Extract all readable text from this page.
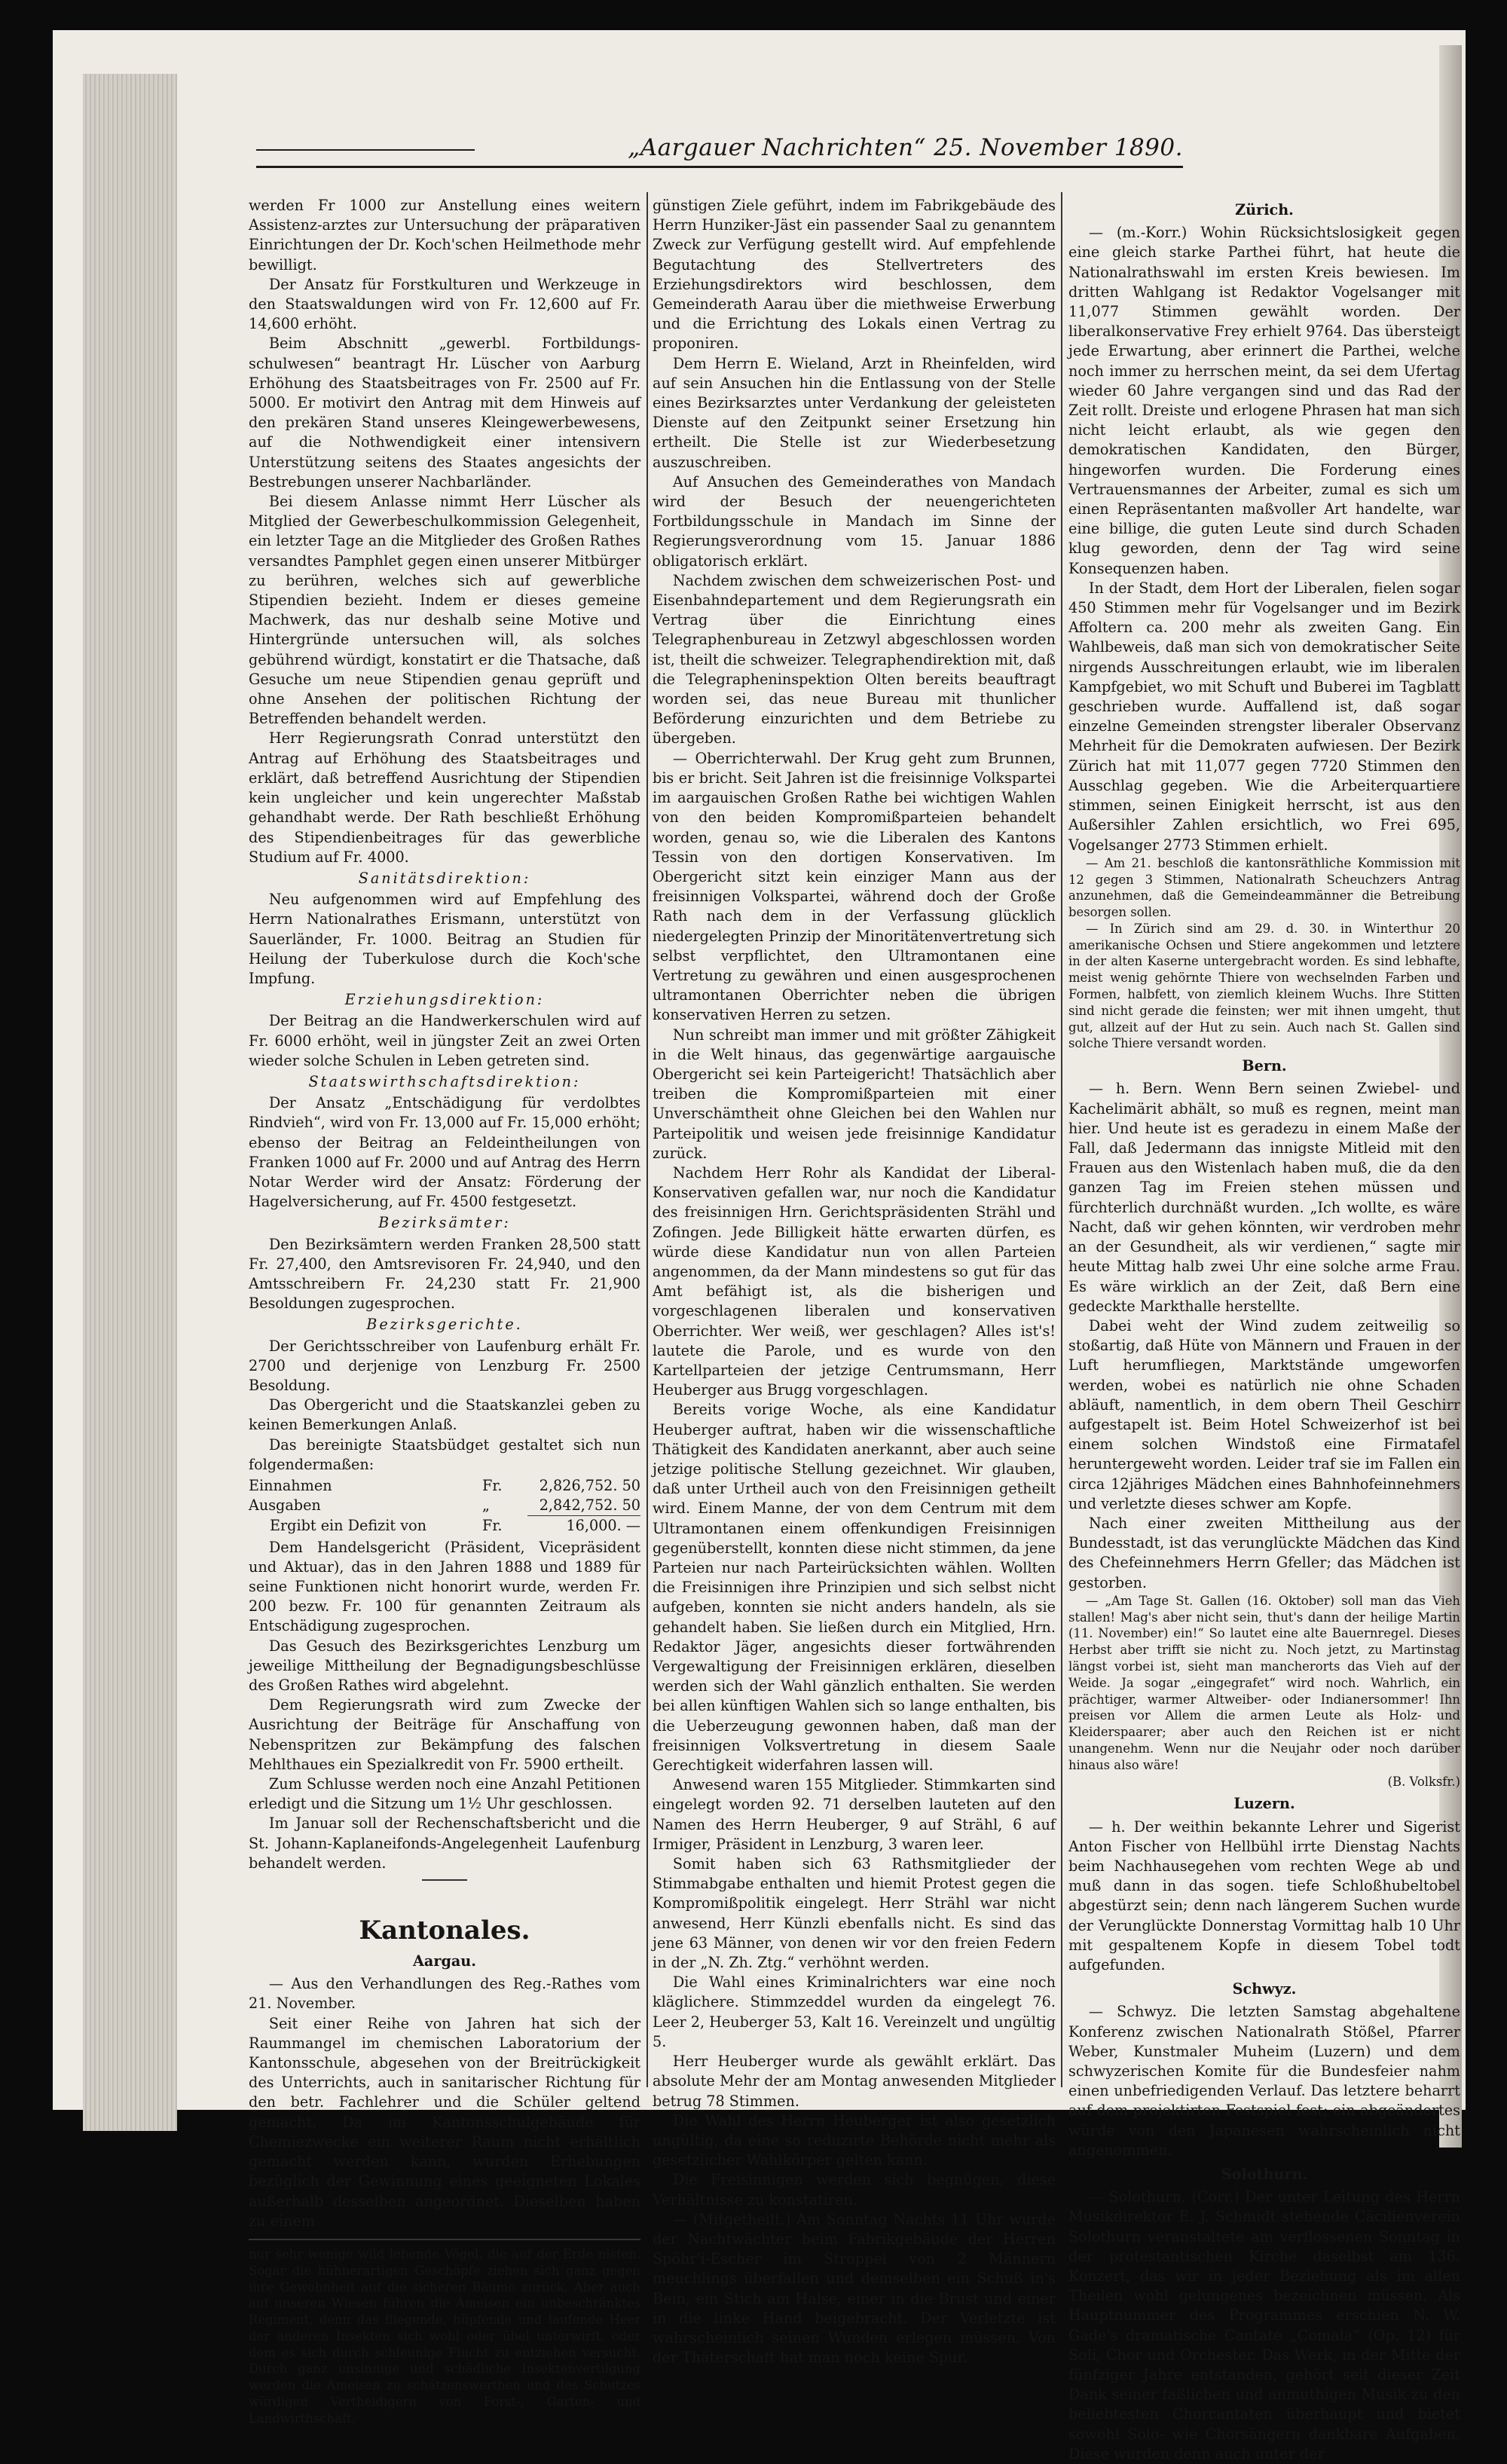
„Aargauer Nachrichten“ 25. November 1890.

werden Fr 1000 zur Anstellung eines weitern Assistenz-arztes zur Untersuchung der präparativen Einrichtungen der Dr. Koch'schen Heilmethode mehr bewilligt.

Der Ansatz für Forstkulturen und Werkzeuge in den Staatswaldungen wird von Fr. 12,600 auf Fr. 14,600 erhöht.

Beim Abschnitt „gewerbl. Fortbildungs-schulwesen“ beantragt Hr. Lüscher von Aarburg Erhöhung des Staatsbeitrages von Fr. 2500 auf Fr. 5000. Er motivirt den Antrag mit dem Hinweis auf den prekären Stand unseres Kleingewerbewesens, auf die Nothwendigkeit einer intensivern Unterstützung seitens des Staates angesichts der Bestrebungen unserer Nachbarländer.

Bei diesem Anlasse nimmt Herr Lüscher als Mitglied der Gewerbeschulkommission Gelegenheit, ein letzter Tage an die Mitglieder des Großen Rathes versandtes Pamphlet gegen einen unserer Mitbürger zu berühren, welches sich auf gewerbliche Stipendien bezieht. Indem er dieses gemeine Machwerk, das nur deshalb seine Motive und Hintergründe untersuchen will, als solches gebührend würdigt, konstatirt er die Thatsache, daß Gesuche um neue Stipendien genau geprüft und ohne Ansehen der politischen Richtung der Betreffenden behandelt werden.

Herr Regierungsrath Conrad unterstützt den Antrag auf Erhöhung des Staatsbeitrages und erklärt, daß betreffend Ausrichtung der Stipendien kein ungleicher und kein ungerechter Maßstab gehandhabt werde. Der Rath beschließt Erhöhung des Stipendienbeitrages für das gewerbliche Studium auf Fr. 4000.

Sanitätsdirektion:

Neu aufgenommen wird auf Empfehlung des Herrn Nationalrathes Erismann, unterstützt von Sauerländer, Fr. 1000. Beitrag an Studien für Heilung der Tuberkulose durch die Koch'sche Impfung.

Erziehungsdirektion:

Der Beitrag an die Handwerkerschulen wird auf Fr. 6000 erhöht, weil in jüngster Zeit an zwei Orten wieder solche Schulen in Leben getreten sind.

Staatswirthschaftsdirektion:

Der Ansatz „Entschädigung für verdolbtes Rindvieh“, wird von Fr. 13,000 auf Fr. 15,000 erhöht; ebenso der Beitrag an Feldeintheilungen von Franken 1000 auf Fr. 2000 und auf Antrag des Herrn Notar Werder wird der Ansatz: Förderung der Hagelversicherung, auf Fr. 4500 festgesetzt.

Bezirksämter:

Den Bezirksämtern werden Franken 28,500 statt Fr. 27,400, den Amtsrevisoren Fr. 24,940, und den Amtsschreibern Fr. 24,230 statt Fr. 21,900 Besoldungen zugesprochen.

Bezirksgerichte.

Der Gerichtsschreiber von Laufenburg erhält Fr. 2700 und derjenige von Lenzburg Fr. 2500 Besoldung.

Das Obergericht und die Staatskanzlei geben zu keinen Bemerkungen Anlaß.

Das bereinigte Staatsbüdget gestaltet sich nun folgendermaßen:

Einnahmen	Fr.	2,826,752. 50
Ausgaben	„	2,842,752. 50
Ergibt ein Defizit von	Fr.	16,000. —

Dem Handelsgericht (Präsident, Vicepräsident und Aktuar), das in den Jahren 1888 und 1889 für seine Funktionen nicht honorirt wurde, werden Fr. 200 bezw. Fr. 100 für genannten Zeitraum als Entschädigung zugesprochen.

Das Gesuch des Bezirksgerichtes Lenzburg um jeweilige Mittheilung der Begnadigungsbeschlüsse des Großen Rathes wird abgelehnt.

Dem Regierungsrath wird zum Zwecke der Ausrichtung der Beiträge für Anschaffung von Nebenspritzen zur Bekämpfung des falschen Mehlthaues ein Spezialkredit von Fr. 5900 ertheilt.

Zum Schlusse werden noch eine Anzahl Petitionen erledigt und die Sitzung um 1½ Uhr geschlossen.

Im Januar soll der Rechenschaftsbericht und die St. Johann-Kaplaneifonds-Angelegenheit Laufenburg behandelt werden.

Kantonales.
Aargau.

— Aus den Verhandlungen des Reg.-Rathes vom 21. November.

Seit einer Reihe von Jahren hat sich der Raummangel im chemischen Laboratorium der Kantonsschule, abgesehen von der Breitrückigkeit des Unterrichts, auch in sanitarischer Richtung für den betr. Fachlehrer und die Schüler geltend gemacht. Da im Kantonsschulgebäude für Chemiezwecke ein weiterer Raum nicht erhältlich gemacht werden kann, wurden Erhebungen bezüglich der Gewinnung eines geeigneten Lokales außerhalb desselben angeordnet. Dieselben haben zu einem

nur sehr wenige wild lebende Vögel, die auf der Erde nisten. Sogar die hühnerartigen Geschöpfe ziehen sich ganz gegen ihre Gewohnheit auf die sicheren Bäume zurück. Aber auch auf unseren Wiesen führen die Ameisen ein unbeschränktes Regiment, denn das fliegende, hüpfende und laufende Heer der anderen Insekten sich wohl oder übel unterwirft, oder dem es sich durch schleunige Flucht zu entziehen versucht. Durch ganz unsinnige und schädliche Insektenvertilgung werden die Ameisen zu schätzenswerthen und des Schutzes würdigen Vertheidigern von Forst-, Garten- und Landwirthschaft.

günstigen Ziele geführt, indem im Fabrikgebäude des Herrn Hunziker-Jäst ein passender Saal zu genanntem Zweck zur Verfügung gestellt wird. Auf empfehlende Begutachtung des Stellvertreters des Erziehungsdirektors wird beschlossen, dem Gemeinderath Aarau über die miethweise Erwerbung und die Errichtung des Lokals einen Vertrag zu proponiren.

Dem Herrn E. Wieland, Arzt in Rheinfelden, wird auf sein Ansuchen hin die Entlassung von der Stelle eines Bezirksarztes unter Verdankung der geleisteten Dienste auf den Zeitpunkt seiner Ersetzung hin ertheilt. Die Stelle ist zur Wiederbesetzung auszuschreiben.

Auf Ansuchen des Gemeinderathes von Mandach wird der Besuch der neuengerichteten Fortbildungsschule in Mandach im Sinne der Regierungsverordnung vom 15. Januar 1886 obligatorisch erklärt.

Nachdem zwischen dem schweizerischen Post- und Eisenbahndepartement und dem Regierungsrath ein Vertrag über die Einrichtung eines Telegraphenbureau in Zetzwyl abgeschlossen worden ist, theilt die schweizer. Telegraphendirektion mit, daß die Telegrapheninspektion Olten bereits beauftragt worden sei, das neue Bureau mit thunlicher Beförderung einzurichten und dem Betriebe zu übergeben.

— Oberrichterwahl. Der Krug geht zum Brunnen, bis er bricht. Seit Jahren ist die freisinnige Volkspartei im aargauischen Großen Rathe bei wichtigen Wahlen von den beiden Kompromißparteien behandelt worden, genau so, wie die Liberalen des Kantons Tessin von den dortigen Konservativen. Im Obergericht sitzt kein einziger Mann aus der freisinnigen Volkspartei, während doch der Große Rath nach dem in der Verfassung glücklich niedergelegten Prinzip der Minoritätenvertretung sich selbst verpflichtet, den Ultramontanen eine Vertretung zu gewähren und einen ausgesprochenen ultramontanen Oberrichter neben die übrigen konservativen Herren zu setzen.

Nun schreibt man immer und mit größter Zähigkeit in die Welt hinaus, das gegenwärtige aargauische Obergericht sei kein Parteigericht! Thatsächlich aber treiben die Kompromißparteien mit einer Unverschämtheit ohne Gleichen bei den Wahlen nur Parteipolitik und weisen jede freisinnige Kandidatur zurück.

Nachdem Herr Rohr als Kandidat der Liberal-Konservativen gefallen war, nur noch die Kandidatur des freisinnigen Hrn. Gerichtspräsidenten Strähl und Zofingen. Jede Billigkeit hätte erwarten dürfen, es würde diese Kandidatur nun von allen Parteien angenommen, da der Mann mindestens so gut für das Amt befähigt ist, als die bisherigen und vorgeschlagenen liberalen und konservativen Oberrichter. Wer weiß, wer geschlagen? Alles ist's! lautete die Parole, und es wurde von den Kartellparteien der jetzige Centrumsmann, Herr Heuberger aus Brugg vorgeschlagen.

Bereits vorige Woche, als eine Kandidatur Heuberger auftrat, haben wir die wissenschaftliche Thätigkeit des Kandidaten anerkannt, aber auch seine jetzige politische Stellung gezeichnet. Wir glauben, daß unter Urtheil auch von den Freisinnigen getheilt wird. Einem Manne, der von dem Centrum mit dem Ultramontanen einem offenkundigen Freisinnigen gegenüberstellt, konnten diese nicht stimmen, da jene Parteien nur nach Parteirücksichten wählen. Wollten die Freisinnigen ihre Prinzipien und sich selbst nicht aufgeben, konnten sie nicht anders handeln, als sie gehandelt haben. Sie ließen durch ein Mitglied, Hrn. Redaktor Jäger, angesichts dieser fortwährenden Vergewaltigung der Freisinnigen erklären, dieselben werden sich der Wahl gänzlich enthalten. Sie werden bei allen künftigen Wahlen sich so lange enthalten, bis die Ueberzeugung gewonnen haben, daß man der freisinnigen Volksvertretung in diesem Saale Gerechtigkeit widerfahren lassen will.

Anwesend waren 155 Mitglieder. Stimmkarten sind eingelegt worden 92. 71 derselben lauteten auf den Namen des Herrn Heuberger, 9 auf Strähl, 6 auf Irmiger, Präsident in Lenzburg, 3 waren leer.

Somit haben sich 63 Rathsmitglieder der Stimmabgabe enthalten und hiemit Protest gegen die Kompromißpolitik eingelegt. Herr Strähl war nicht anwesend, Herr Künzli ebenfalls nicht. Es sind das jene 63 Männer, von denen wir vor den freien Federn in der „N. Zh. Ztg.“ verhöhnt werden.

Die Wahl eines Kriminalrichters war eine noch kläglichere. Stimmzeddel wurden da eingelegt 76. Leer 2, Heuberger 53, Kalt 16. Vereinzelt und ungültig 5.

Herr Heuberger wurde als gewählt erklärt. Das absolute Mehr der am Montag anwesenden Mitglieder betrug 78 Stimmen.

Die Wahl des Herrn Heuberger ist also gesetzlich ungültig, da eine so reduzirte Behörde nicht mehr als gesetzlicher Wahlkörper gelten kann.

Die Freisinnigen werden sich begnügen, diese Verhältnisse zu konstatiren.

— (Mitgetheilt.) Am Sonntag Nachts 11 Uhr wurde der Nachtwächter beim Fabrikgebäude der Herren Spöhr'i-Escher im Stroppel von 2 Männern meuchlings überfallen und demselben ein Schuß in's Bein, ein Stich am Halse, einer in die Brust und einer in die linke Hand beigebracht. Der Verletzte ist wahrscheinlich seinen Wunden erlegen müssen. Von der Thäterschaft hat man noch keine Spur.

Zürich.

— (m.-Korr.) Wohin Rücksichtslosigkeit gegen eine gleich starke Parthei führt, hat heute die Nationalrathswahl im ersten Kreis bewiesen. Im dritten Wahlgang ist Redaktor Vogelsanger mit 11,077 Stimmen gewählt worden. Der liberalkonservative Frey erhielt 9764. Das übersteigt jede Erwartung, aber erinnert die Parthei, welche noch immer zu herrschen meint, da sei dem Ufertag wieder 60 Jahre vergangen sind und das Rad der Zeit rollt. Dreiste und erlogene Phrasen hat man sich nicht leicht erlaubt, als wie gegen den demokratischen Kandidaten, den Bürger, hingeworfen wurden. Die Forderung eines Vertrauensmannes der Arbeiter, zumal es sich um einen Repräsentanten maßvoller Art handelte, war eine billige, die guten Leute sind durch Schaden klug geworden, denn der Tag wird seine Konsequenzen haben.

In der Stadt, dem Hort der Liberalen, fielen sogar 450 Stimmen mehr für Vogelsanger und im Bezirk Affoltern ca. 200 mehr als zweiten Gang. Ein Wahlbeweis, daß man sich von demokratischer Seite nirgends Ausschreitungen erlaubt, wie im liberalen Kampfgebiet, wo mit Schuft und Buberei im Tagblatt geschrieben wurde. Auffallend ist, daß sogar einzelne Gemeinden strengster liberaler Observanz Mehrheit für die Demokraten aufwiesen. Der Bezirk Zürich hat mit 11,077 gegen 7720 Stimmen den Ausschlag gegeben. Wie die Arbeiterquartiere stimmen, seinen Einigkeit herrscht, ist aus den Außersihler Zahlen ersichtlich, wo Frei 695, Vogelsanger 2773 Stimmen erhielt.

— Am 21. beschloß die kantonsräthliche Kommission mit 12 gegen 3 Stimmen, Nationalrath Scheuchzers Antrag anzunehmen, daß die Gemeindeammänner die Betreibung besorgen sollen.

— In Zürich sind am 29. d. 30. in Winterthur 20 amerikanische Ochsen und Stiere angekommen und letztere in der alten Kaserne untergebracht worden. Es sind lebhafte, meist wenig gehörnte Thiere von wechselnden Farben und Formen, halbfett, von ziemlich kleinem Wuchs. Ihre Stitten sind nicht gerade die feinsten; wer mit ihnen umgeht, thut gut, allzeit auf der Hut zu sein. Auch nach St. Gallen sind solche Thiere versandt worden.

Bern.

— h. Bern. Wenn Bern seinen Zwiebel- und Kachelimärit abhält, so muß es regnen, meint man hier. Und heute ist es geradezu in einem Maße der Fall, daß Jedermann das innigste Mitleid mit den Frauen aus den Wistenlach haben muß, die da den ganzen Tag im Freien stehen müssen und fürchterlich durchnäßt wurden. „Ich wollte, es wäre Nacht, daß wir gehen könnten, wir verdroben mehr an der Gesundheit, als wir verdienen,“ sagte mir heute Mittag halb zwei Uhr eine solche arme Frau. Es wäre wirklich an der Zeit, daß Bern eine gedeckte Markthalle herstellte.

Dabei weht der Wind zudem zeitweilig so stoßartig, daß Hüte von Männern und Frauen in der Luft herumfliegen, Marktstände umgeworfen werden, wobei es natürlich nie ohne Schaden abläuft, namentlich, in dem obern Theil Geschirr aufgestapelt ist. Beim Hotel Schweizerhof ist bei einem solchen Windstoß eine Firmatafel heruntergeweht worden. Leider traf sie im Fallen ein circa 12jähriges Mädchen eines Bahnhofeinnehmers und verletzte dieses schwer am Kopfe.

Nach einer zweiten Mittheilung aus der Bundesstadt, ist das verunglückte Mädchen das Kind des Chefeinnehmers Herrn Gfeller; das Mädchen ist gestorben.

— „Am Tage St. Gallen (16. Oktober) soll man das Vieh stallen! Mag's aber nicht sein, thut's dann der heilige Martin (11. November) ein!“ So lautet eine alte Bauernregel. Dieses Herbst aber trifft sie nicht zu. Noch jetzt, zu Martinstag längst vorbei ist, sieht man mancherorts das Vieh auf der Weide. Ja sogar „eingegrafet“ wird noch. Wahrlich, ein prächtiger, warmer Altweiber- oder Indianersommer! Ihn preisen vor Allem die armen Leute als Holz- und Kleiderspaarer; aber auch den Reichen ist er nicht unangenehm. Wenn nur die Neujahr oder noch darüber hinaus also wäre!

(B. Volksfr.)

Luzern.

— h. Der weithin bekannte Lehrer und Sigerist Anton Fischer von Hellbühl irrte Dienstag Nachts beim Nachhausegehen vom rechten Wege ab und muß dann in das sogen. tiefe Schloßhubeltobel abgestürzt sein; denn nach längerem Suchen wurde der Verunglückte Donnerstag Vormittag halb 10 Uhr mit gespaltenem Kopfe in diesem Tobel todt aufgefunden.

Schwyz.

— Schwyz. Die letzten Samstag abgehaltene Konferenz zwischen Nationalrath Stößel, Pfarrer Weber, Kunstmaler Muheim (Luzern) und dem schwyzerischen Komite für die Bundesfeier nahm einen unbefriedigenden Verlauf. Das letztere beharrt auf dem projektirten Festspiel fest; ein abgeändertes würde von den Japanesen wahrscheinlich nicht angenommen.

Solothurn.

— Solothurn. (Corr.) Der unter Leitung des Herrn Musikdirektor E. J. Schmidt stehende Cäcilienverein Solothurn veranstaltete am verflossenen Sonntag in der protestantischen Kirche daselbst am 136. Konzert, das wir in jeder Beziehung als im allen Theilen wohl gelungenes bezeichnen müssen. Als Hauptnummer des Programmes erschien N. W. Gade's dramatische Cantate „Comala“ (Op. 12) für Soli, Chor und Orchester. Das Werk, in der Mitte der fünfziger Jahre entstanden, gehört seit dieser Zeit Dank seiner faßlichen und anmuthigen Musik zu den beliebtesten Chorcantaten überhaupt und bietet sowohl Solo- wie Chorsängern dankbare Aufgaben. Diese wurden denn auch unter der
